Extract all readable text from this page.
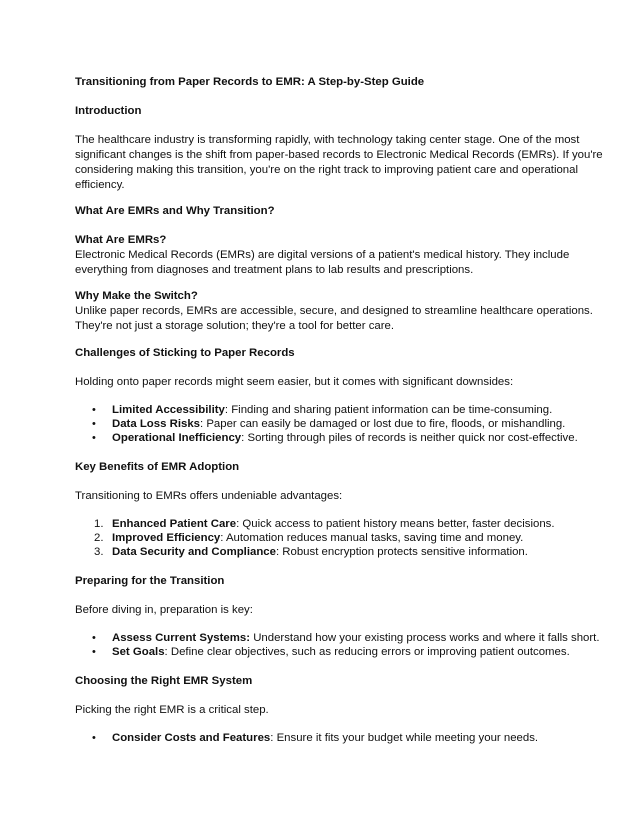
Transitioning from Paper Records to EMR: A Step-by-Step Guide
Introduction
The healthcare industry is transforming rapidly, with technology taking center stage. One of the most
significant changes is the shift from paper-based records to Electronic Medical Records (EMRs). If you're
considering making this transition, you're on the right track to improving patient care and operational
efficiency.
What Are EMRs and Why Transition?
What Are EMRs?
Electronic Medical Records (EMRs) are digital versions of a patient's medical history. They include
everything from diagnoses and treatment plans to lab results and prescriptions.
Why Make the Switch?
Unlike paper records, EMRs are accessible, secure, and designed to streamline healthcare operations.
They're not just a storage solution; they're a tool for better care.
Challenges of Sticking to Paper Records
Holding onto paper records might seem easier, but it comes with significant downsides:
• Limited Accessibility: Finding and sharing patient information can be time-consuming.
• Data Loss Risks: Paper can easily be damaged or lost due to fire, floods, or mishandling.
• Operational Inefficiency: Sorting through piles of records is neither quick nor cost-effective.
Key Benefits of EMR Adoption
Transitioning to EMRs offers undeniable advantages:
1. Enhanced Patient Care: Quick access to patient history means better, faster decisions.
2. Improved Efficiency: Automation reduces manual tasks, saving time and money.
3. Data Security and Compliance: Robust encryption protects sensitive information.
Preparing for the Transition
Before diving in, preparation is key:
• Assess Current Systems: Understand how your existing process works and where it falls short.
• Set Goals: Define clear objectives, such as reducing errors or improving patient outcomes.
Choosing the Right EMR System
Picking the right EMR is a critical step.
• Consider Costs and Features: Ensure it fits your budget while meeting your needs.
